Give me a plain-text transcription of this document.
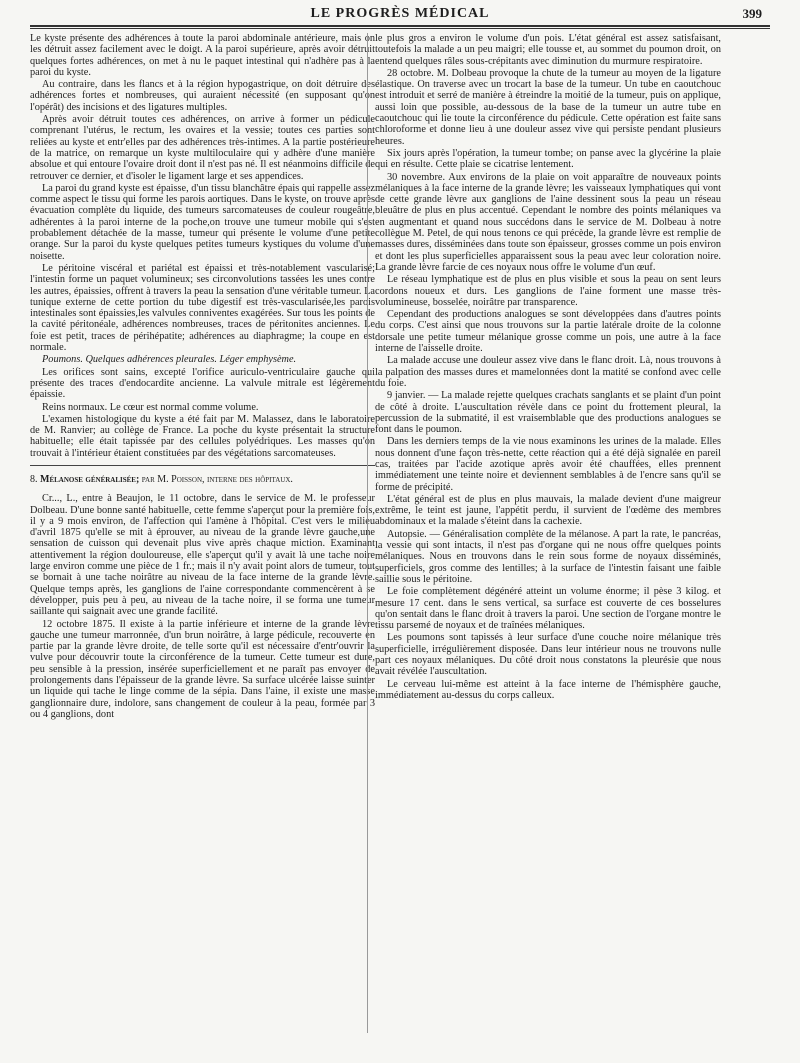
LE PROGRÈS MÉDICAL	399

Le kyste présente des adhérences à toute la paroi abdominale antérieure, mais on les détruit assez facilement avec le doigt. A la paroi supérieure, après avoir détruit quelques fortes adhérences, on met à nu le paquet intestinal qui n'adhère pas à la paroi du kyste.

Au contraire, dans les flancs et à la région hypogastrique, on doit détruire des adhérences fortes et nombreuses, qui auraient nécessité (en supposant qu'on l'opérât) des incisions et des ligatures multiples.

Après avoir détruit toutes ces adhérences, on arrive à former un pédicule comprenant l'utérus, le rectum, les ovaires et la vessie; toutes ces parties sont reliées au kyste et entr'elles par des adhérences très-intimes. A la partie postérieure de la matrice, on remarque un kyste multiloculaire qui y adhère d'une manière absolue et qui entoure l'ovaire droit dont il n'est pas né. Il est néanmoins difficile de retrouver ce dernier, et d'isoler le ligament large et ses appendices.

La paroi du grand kyste est épaisse, d'un tissu blanchâtre épais qui rappelle assez comme aspect le tissu qui forme les parois aortiques. Dans le kyste, on trouve après évacuation complète du liquide, des tumeurs sarcomateuses de couleur rougeâtre, adhérentes à la paroi interne de la poche,on trouve une tumeur mobile qui s'est probablement détachée de la masse, tumeur qui présente le volume d'une petite orange. Sur la paroi du kyste quelques petites tumeurs kystiques du volume d'une noisette.

Le péritoine viscéral et pariétal est épaissi et très-notablement vascularisé; l'intestin forme un paquet volumineux; ses circonvolutions tassées les unes contre les autres, épaissies, offrent à travers la peau la sensation d'une véritable tumeur. La tunique externe de cette portion du tube digestif est très-vascularisée,les parois intestinales sont épaissies,les valvules conniventes exagérées. Sur tous les points de la cavité péritonéale, adhérences nombreuses, traces de péritonites anciennes. Le foie est petit, traces de périhépatite; adhérences au diaphragme; la coupe en est normale.

Poumons. Quelques adhérences pleurales. Léger emphysème.

Les orifices sont sains, excepté l'orifice auriculo-ventriculaire gauche qui présente des traces d'endocardite ancienne. La valvule mitrale est légèrement épaissie.

Reins normaux. Le cœur est normal comme volume.

L'examen histologique du kyste a été fait par M. Malassez, dans le laboratoire de M. Ranvier; au collège de France. La poche du kyste présentait la structure habituelle; elle était tapissée par des cellules polyédriques. Les masses qu'on trouvait à l'intérieur étaient constituées par des végétations sarcomateuses.

8. Mélanose généralisée; par M. Poisson, interne des hôpitaux.

Cr..., L., entre à Beaujon, le 11 octobre, dans le service de M. le professeur Dolbeau. D'une bonne santé habituelle, cette femme s'aperçut pour la première fois, il y a 9 mois environ, de l'affection qui l'amène à l'hôpital. C'est vers le milieu d'avril 1875 qu'elle se mit à éprouver, au niveau de la grande lèvre gauche,une sensation de cuisson qui devenait plus vive après chaque miction. Examinant attentivement la région douloureuse, elle s'aperçut qu'il y avait là une tache noire large environ comme une pièce de 1 fr.; mais il n'y avait point alors de tumeur, tout se bornait à une tache noirâtre au niveau de la face interne de la grande lèvre. Quelque temps après, les ganglions de l'aine correspondante commencèrent à se développer, puis peu à peu, au niveau de la tache noire, il se forma une tumeur saillante qui saignait avec une grande facilité.

12 octobre 1875. Il existe à la partie inférieure et interne de la grande lèvre gauche une tumeur marronnée, d'un brun noirâtre, à large pédicule, recouverte en partie par la grande lèvre droite, de telle sorte qu'il est nécessaire d'entr'ouvrir la vulve pour découvrir toute la circonférence de la tumeur. Cette tumeur est dure, peu sensible à la pression, insérée superficiellement et ne paraît pas envoyer de prolongements dans l'épaisseur de la grande lèvre. Sa surface ulcérée laisse suinter un liquide qui tache le linge comme de la sépia. Dans l'aine, il existe une masse ganglionnaire dure, indolore, sans changement de couleur à la peau, formée par 3 ou 4 ganglions, dont

le plus gros a environ le volume d'un pois. L'état général est assez satisfaisant, toutefois la malade a un peu maigri; elle tousse et, au sommet du poumon droit, on entend quelques râles sous-crépitants avec diminution du murmure respiratoire.

28 octobre. M. Dolbeau provoque la chute de la tumeur au moyen de la ligature élastique. On traverse avec un trocart la base de la tumeur. Un tube en caoutchouc est introduit et serré de manière à étreindre la moitié de la tumeur, puis on applique, aussi loin que possible, au-dessous de la base de la tumeur un autre tube en caoutchouc qui lie toute la circonférence du pédicule. Cette opération est faite sans chloroforme et donne lieu à une douleur assez vive qui persiste pendant plusieurs heures.

Six jours après l'opération, la tumeur tombe; on panse avec la glycérine la plaie qui en résulte. Cette plaie se cicatrise lentement.

30 novembre. Aux environs de la plaie on voit apparaître de nouveaux points mélaniques à la face interne de la grande lèvre; les vaisseaux lymphatiques qui vont de cette grande lèvre aux ganglions de l'aine dessinent sous la peau un réseau bleuâtre de plus en plus accentué. Cependant le nombre des points mélaniques va en augmentant et quand nous succédons dans le service de M. Dolbeau à notre collègue M. Petel, de qui nous tenons ce qui précède, la grande lèvre est remplie de masses dures, disséminées dans toute son épaisseur, grosses comme un pois environ et dont les plus superficielles apparaissent sous la peau avec leur coloration noire. La grande lèvre farcie de ces noyaux nous offre le volume d'un œuf.

Le réseau lymphatique est de plus en plus visible et sous la peau on sent leurs cordons noueux et durs. Les ganglions de l'aine forment une masse très-volumineuse, bosselée, noirâtre par transparence.

Cependant des productions analogues se sont développées dans d'autres points du corps. C'est ainsi que nous trouvons sur la partie latérale droite de la colonne dorsale une petite tumeur mélanique grosse comme un pois, une autre à la face interne de l'aisselle droite.

La malade accuse une douleur assez vive dans le flanc droit. Là, nous trouvons à la palpation des masses dures et mamelonnées dont la matité se confond avec celle du foie.

9 janvier. — La malade rejette quelques crachats sanglants et se plaint d'un point de côté à droite. L'auscultation révèle dans ce point du frottement pleural, la percussion de la submatité, il est vraisemblable que des productions analogues se font dans le poumon.

Dans les derniers temps de la vie nous examinons les urines de la malade. Elles nous donnent d'une façon très-nette, cette réaction qui a été déjà signalée en pareil cas, traitées par l'acide azotique après avoir été chauffées, elles prennent immédiatement une teinte noire et deviennent semblables à de l'encre sans qu'il se forme de précipité.

L'état général est de plus en plus mauvais, la malade devient d'une maigreur extrême, le teint est jaune, l'appétit perdu, il survient de l'œdème des membres abdominaux et la malade s'éteint dans la cachexie.

Autopsie. — Généralisation complète de la mélanose. A part la rate, le pancréas, la vessie qui sont intacts, il n'est pas d'organe qui ne nous offre quelques points mélaniques. Nous en trouvons dans le rein sous forme de noyaux disséminés, superficiels, gros comme des lentilles; à la surface de l'intestin faisant une faible saillie sous le péritoine.

Le foie complètement dégénéré atteint un volume énorme; il pèse 3 kilog. et mesure 17 cent. dans le sens vertical, sa surface est couverte de ces bosselures qu'on sentait dans le flanc droit à travers la paroi. Une section de l'organe montre le tissu parsemé de noyaux et de traînées mélaniques.

Les poumons sont tapissés à leur surface d'une couche noire mélanique très superficielle, irrégulièrement disposée. Dans leur intérieur nous ne trouvons nulle part ces noyaux mélaniques. Du côté droit nous constatons la pleurésie que nous avait révélée l'auscultation.

Le cerveau lui-même est atteint à la face interne de l'hémisphère gauche, immédiatement au-dessus du corps calleux.
